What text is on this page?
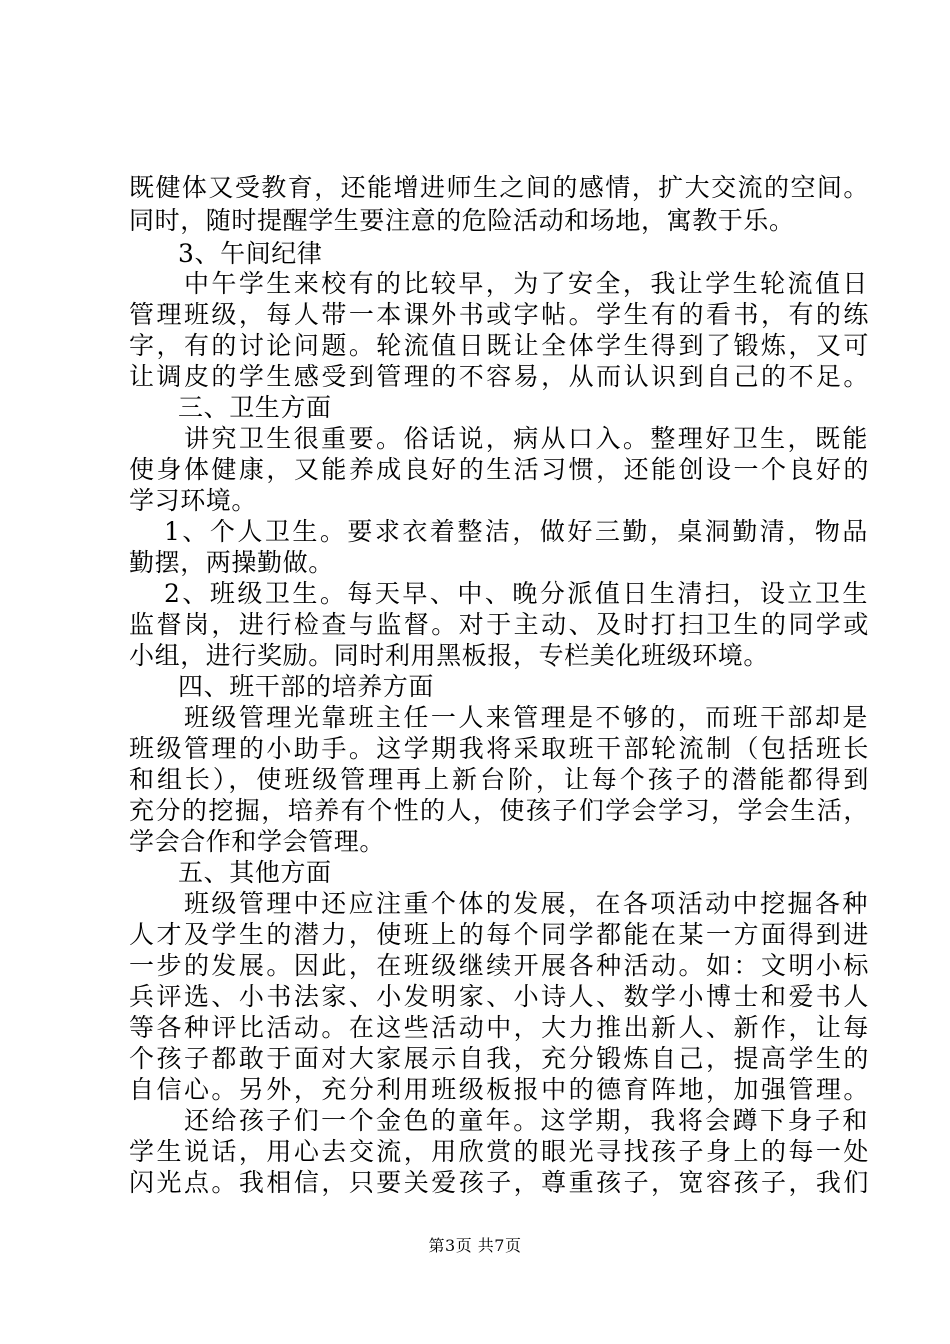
既健体又受教育，还能增进师生之间的感情，扩大交流的空间。
同时，随时提醒学生要注意的危险活动和场地，寓教于乐。
3、午间纪律
中午学生来校有的比较早，为了安全，我让学生轮流值日
管理班级，每人带一本课外书或字帖。学生有的看书，有的练
字，有的讨论问题。轮流值日既让全体学生得到了锻炼，又可
让调皮的学生感受到管理的不容易，从而认识到自己的不足。
三、卫生方面
讲究卫生很重要。俗话说，病从口入。整理好卫生，既能
使身体健康，又能养成良好的生活习惯，还能创设一个良好的
学习环境。
1、个人卫生。要求衣着整洁，做好三勤，桌洞勤清，物品
勤摆，两操勤做。
2、班级卫生。每天早、中、晚分派值日生清扫，设立卫生
监督岗，进行检查与监督。对于主动、及时打扫卫生的同学或
小组，进行奖励。同时利用黑板报，专栏美化班级环境。
四、班干部的培养方面
班级管理光靠班主任一人来管理是不够的，而班干部却是
班级管理的小助手。这学期我将采取班干部轮流制（包括班长
和组长），使班级管理再上新台阶，让每个孩子的潜能都得到
充分的挖掘，培养有个性的人，使孩子们学会学习，学会生活，
学会合作和学会管理。
五、其他方面
班级管理中还应注重个体的发展，在各项活动中挖掘各种
人才及学生的潜力，使班上的每个同学都能在某一方面得到进
一步的发展。因此，在班级继续开展各种活动。如：文明小标
兵评选、小书法家、小发明家、小诗人、数学小博士和爱书人
等各种评比活动。在这些活动中，大力推出新人、新作，让每
个孩子都敢于面对大家展示自我，充分锻炼自己，提高学生的
自信心。另外，充分利用班级板报中的德育阵地，加强管理。
还给孩子们一个金色的童年。这学期，我将会蹲下身子和
学生说话，用心去交流，用欣赏的眼光寻找孩子身上的每一处
闪光点。我相信，只要关爱孩子，尊重孩子，宽容孩子，我们
第3页 共7页
